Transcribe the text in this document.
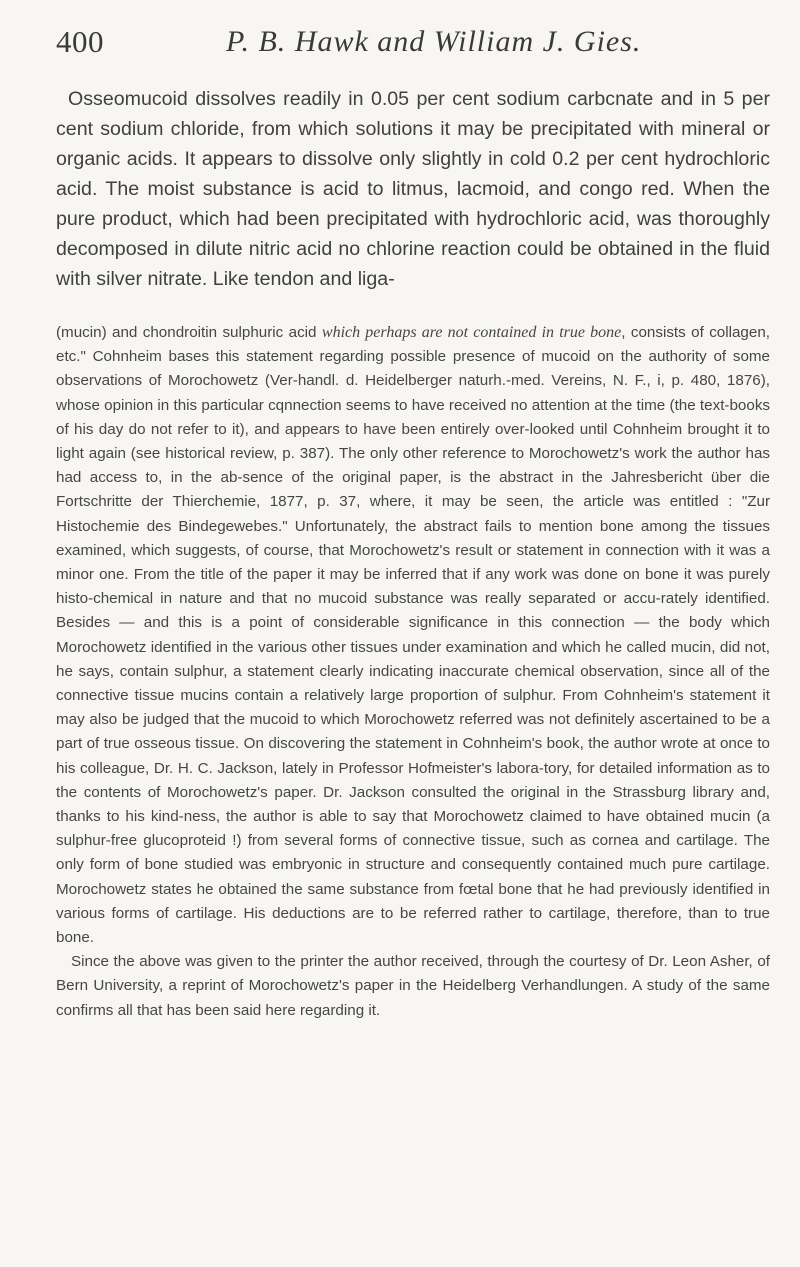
400	P. B. Hawk and William J. Gies.

Osseomucoid dissolves readily in 0.05 per cent sodium carbcnate and in 5 per cent sodium chloride, from which solutions it may be precipitated with mineral or organic acids. It appears to dissolve only slightly in cold 0.2 per cent hydrochloric acid. The moist substance is acid to litmus, lacmoid, and congo red. When the pure product, which had been precipitated with hydrochloric acid, was thoroughly decomposed in dilute nitric acid no chlorine reaction could be obtained in the fluid with silver nitrate. Like tendon and liga-

(mucin) and chondroitin sulphuric acid which perhaps are not contained in true bone, consists of collagen, etc." Cohnheim bases this statement regarding possible presence of mucoid on the authority of some observations of Morochowetz (Ver-handl. d. Heidelberger naturh.-med. Vereins, N. F., i, p. 480, 1876), whose opinion in this particular cqnnection seems to have received no attention at the time (the text-books of his day do not refer to it), and appears to have been entirely over-looked until Cohnheim brought it to light again (see historical review, p. 387). The only other reference to Morochowetz's work the author has had access to, in the ab-sence of the original paper, is the abstract in the Jahresbericht über die Fortschritte der Thierchemie, 1877, p. 37, where, it may be seen, the article was entitled : "Zur Histochemie des Bindegewebes." Unfortunately, the abstract fails to mention bone among the tissues examined, which suggests, of course, that Morochowetz's result or statement in connection with it was a minor one. From the title of the paper it may be inferred that if any work was done on bone it was purely histo-chemical in nature and that no mucoid substance was really separated or accu-rately identified. Besides — and this is a point of considerable significance in this connection — the body which Morochowetz identified in the various other tissues under examination and which he called mucin, did not, he says, contain sulphur, a statement clearly indicating inaccurate chemical observation, since all of the connective tissue mucins contain a relatively large proportion of sulphur. From Cohnheim's statement it may also be judged that the mucoid to which Morochowetz referred was not definitely ascertained to be a part of true osseous tissue. On discovering the statement in Cohnheim's book, the author wrote at once to his colleague, Dr. H. C. Jackson, lately in Professor Hofmeister's labora-tory, for detailed information as to the contents of Morochowetz's paper. Dr. Jackson consulted the original in the Strassburg library and, thanks to his kind-ness, the author is able to say that Morochowetz claimed to have obtained mucin (a sulphur-free glucoproteid !) from several forms of connective tissue, such as cornea and cartilage. The only form of bone studied was embryonic in structure and consequently contained much pure cartilage. Morochowetz states he obtained the same substance from fœtal bone that he had previously identified in various forms of cartilage. His deductions are to be referred rather to cartilage, therefore, than to true bone.

Since the above was given to the printer the author received, through the courtesy of Dr. Leon Asher, of Bern University, a reprint of Morochowetz's paper in the Heidelberg Verhandlungen. A study of the same confirms all that has been said here regarding it.
